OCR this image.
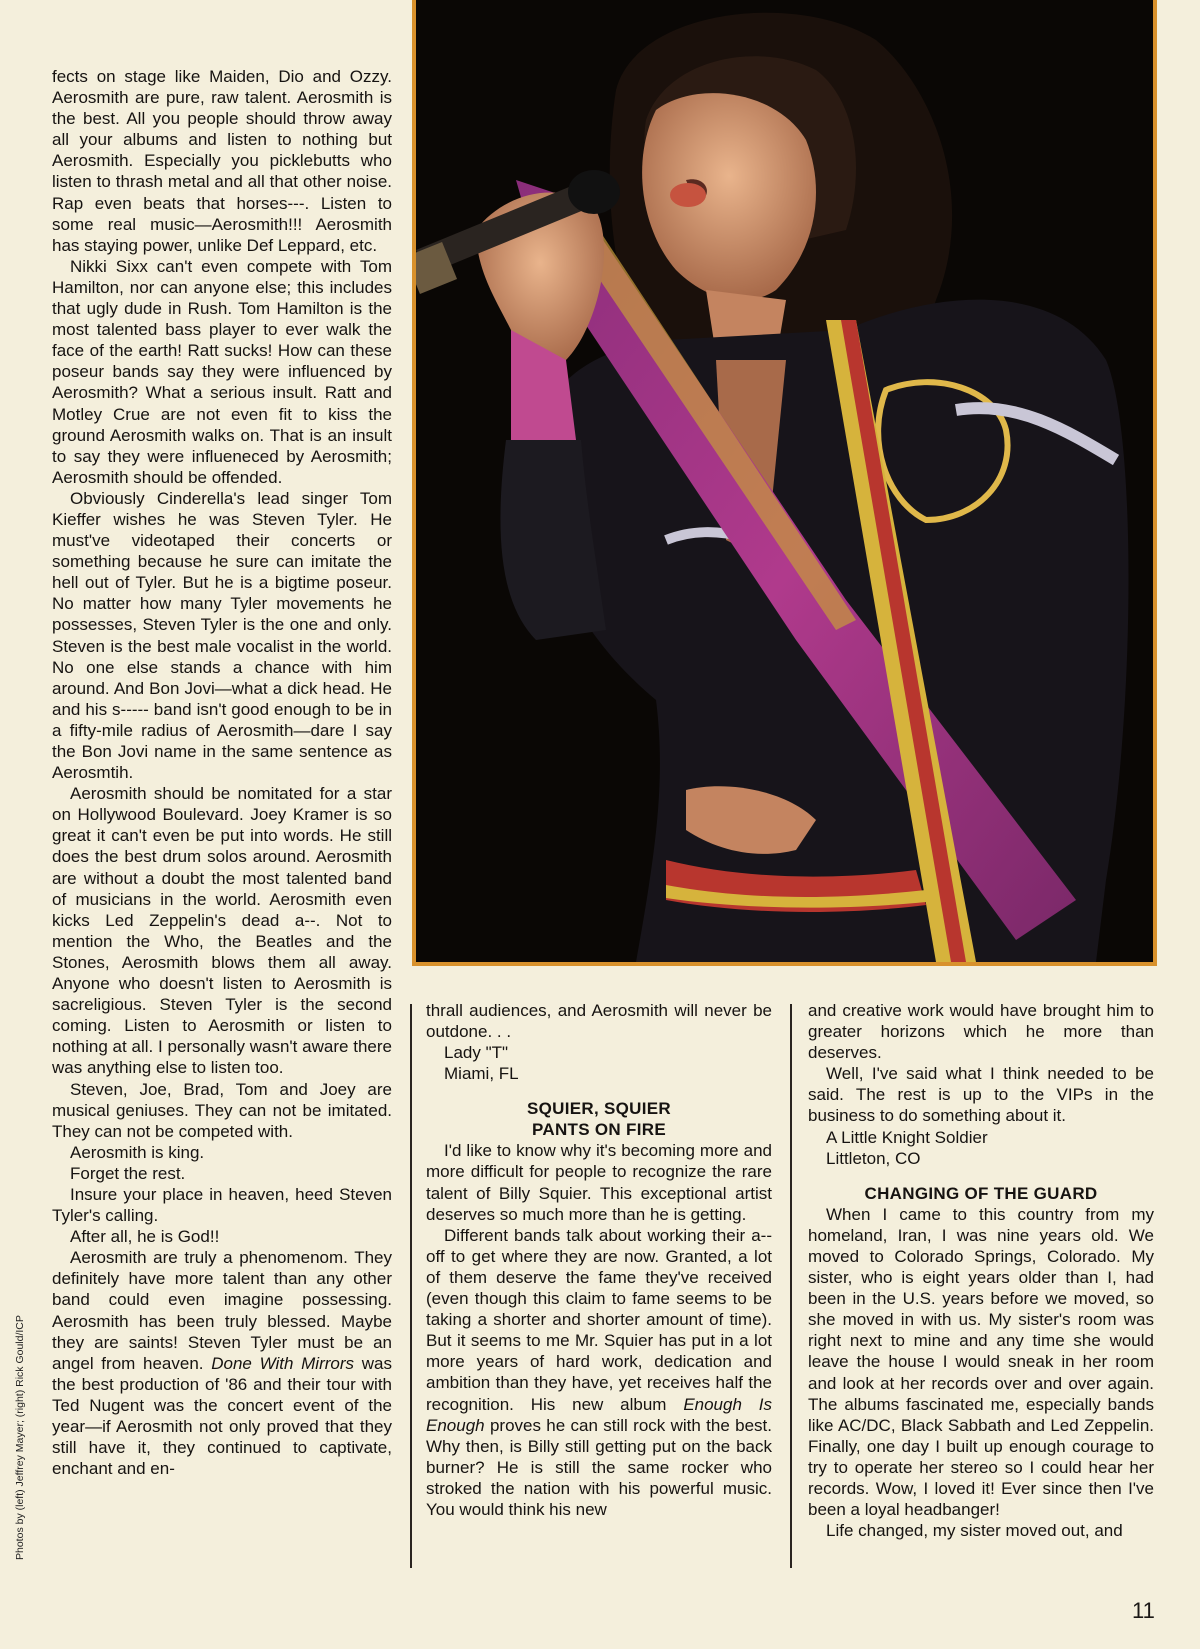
fects on stage like Maiden, Dio and Ozzy. Aerosmith are pure, raw talent. Aerosmith is the best. All you people should throw away all your albums and listen to nothing but Aerosmith. Especially you picklebutts who listen to thrash metal and all that other noise. Rap even beats that horses---. Listen to some real music—Aerosmith!!! Aerosmith has staying power, unlike Def Leppard, etc.

Nikki Sixx can't even compete with Tom Hamilton, nor can anyone else; this includes that ugly dude in Rush. Tom Hamilton is the most talented bass player to ever walk the face of the earth! Ratt sucks! How can these poseur bands say they were influenced by Aerosmith? What a serious insult. Ratt and Motley Crue are not even fit to kiss the ground Aerosmith walks on. That is an insult to say they were influeneced by Aerosmith; Aerosmith should be offended.

Obviously Cinderella's lead singer Tom Kieffer wishes he was Steven Tyler. He must've videotaped their concerts or something because he sure can imitate the hell out of Tyler. But he is a bigtime poseur. No matter how many Tyler movements he possesses, Steven Tyler is the one and only. Steven is the best male vocalist in the world. No one else stands a chance with him around. And Bon Jovi—what a dick head. He and his s----- band isn't good enough to be in a fifty-mile radius of Aerosmith—dare I say the Bon Jovi name in the same sentence as Aerosmtih.

Aerosmith should be nomitated for a star on Hollywood Boulevard. Joey Kramer is so great it can't even be put into words. He still does the best drum solos around. Aerosmith are without a doubt the most talented band of musicians in the world. Aerosmith even kicks Led Zeppelin's dead a--. Not to mention the Who, the Beatles and the Stones, Aerosmith blows them all away. Anyone who doesn't listen to Aerosmith is sacreligious. Steven Tyler is the second coming. Listen to Aerosmith or listen to nothing at all. I personally wasn't aware there was anything else to listen too.

Steven, Joe, Brad, Tom and Joey are musical geniuses. They can not be imitated. They can not be competed with.

Aerosmith is king.

Forget the rest.

Insure your place in heaven, heed Steven Tyler's calling.

After all, he is God!!

Aerosmith are truly a phenomenom. They definitely have more talent than any other band could even imagine possessing. Aerosmith has been truly blessed. Maybe they are saints! Steven Tyler must be an angel from heaven. Done With Mirrors was the best production of '86 and their tour with Ted Nugent was the concert event of the year—if Aerosmith not only proved that they still have it, they continued to captivate, enchant and en-

thrall audiences, and Aerosmith will never be outdone. . .

Lady "T"

Miami, FL

SQUIER, SQUIER
PANTS ON FIRE

I'd like to know why it's becoming more and more difficult for people to recognize the rare talent of Billy Squier. This exceptional artist deserves so much more than he is getting.

Different bands talk about working their a-- off to get where they are now. Granted, a lot of them deserve the fame they've received (even though this claim to fame seems to be taking a shorter and shorter amount of time). But it seems to me Mr. Squier has put in a lot more years of hard work, dedication and ambition than they have, yet receives half the recognition. His new album Enough Is Enough proves he can still rock with the best. Why then, is Billy still getting put on the back burner? He is still the same rocker who stroked the nation with his powerful music. You would think his new

and creative work would have brought him to greater horizons which he more than deserves.

Well, I've said what I think needed to be said. The rest is up to the VIPs in the business to do something about it.

A Little Knight Soldier

Littleton, CO

CHANGING OF THE GUARD

When I came to this country from my homeland, Iran, I was nine years old. We moved to Colorado Springs, Colorado. My sister, who is eight years older than I, had been in the U.S. years before we moved, so she moved in with us. My sister's room was right next to mine and any time she would leave the house I would sneak in her room and look at her records over and over again. The albums fascinated me, especially bands like AC/DC, Black Sabbath and Led Zeppelin. Finally, one day I built up enough courage to try to operate her stereo so I could hear her records. Wow, I loved it! Ever since then I've been a loyal headbanger!

Life changed, my sister moved out, and

Photos by (left) Jeffrey Mayer; (right) Rick Gould/ICP
11
